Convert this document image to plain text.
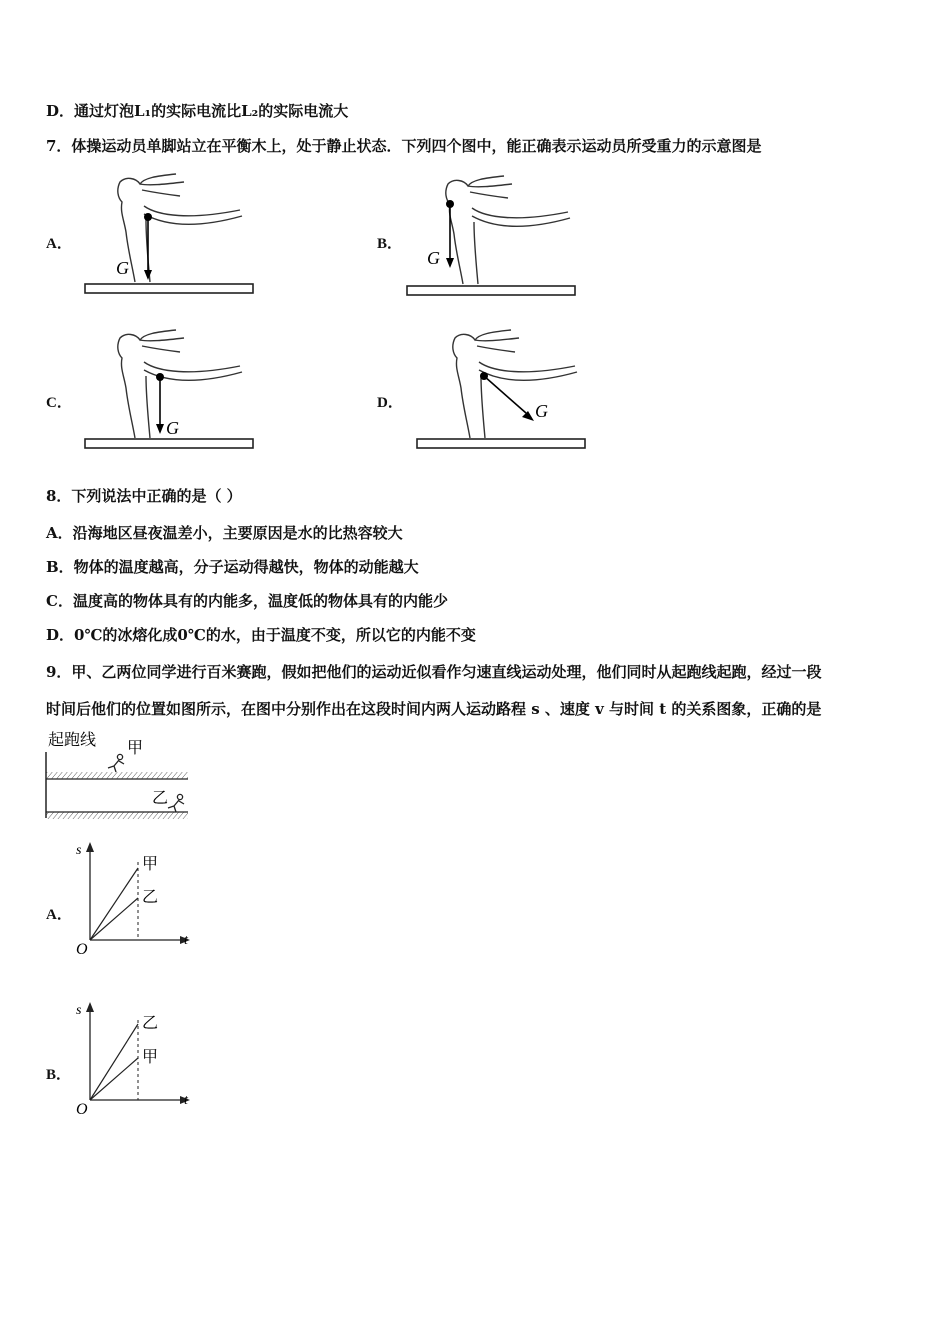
D．通过灯泡L₁的实际电流比L₂的实际电流大
7．体操运动员单脚站立在平衡木上，处于静止状态．下列四个图中，能正确表示运动员所受重力的示意图是
A．	B．
C．	D．
G	G
G
G
8．下列说法中正确的是（ ）
A．沿海地区昼夜温差小，主要原因是水的比热容较大
B．物体的温度越高，分子运动得越快，物体的动能越大
C．温度高的物体具有的内能多，温度低的物体具有的内能少
D．0℃的冰熔化成0℃的水，由于温度不变，所以它的内能不变
9．甲、乙两位同学进行百米赛跑，假如把他们的运动近似看作匀速直线运动处理，他们同时从起跑线起跑，经过一段
时间后他们的位置如图所示，在图中分别作出在这段时间内两人运动路程 s 、速度 v 与时间 t 的关系图象，正确的是
起跑线 甲
乙
A．
s
t
O
甲
乙
B．
s
t
O
乙
甲
